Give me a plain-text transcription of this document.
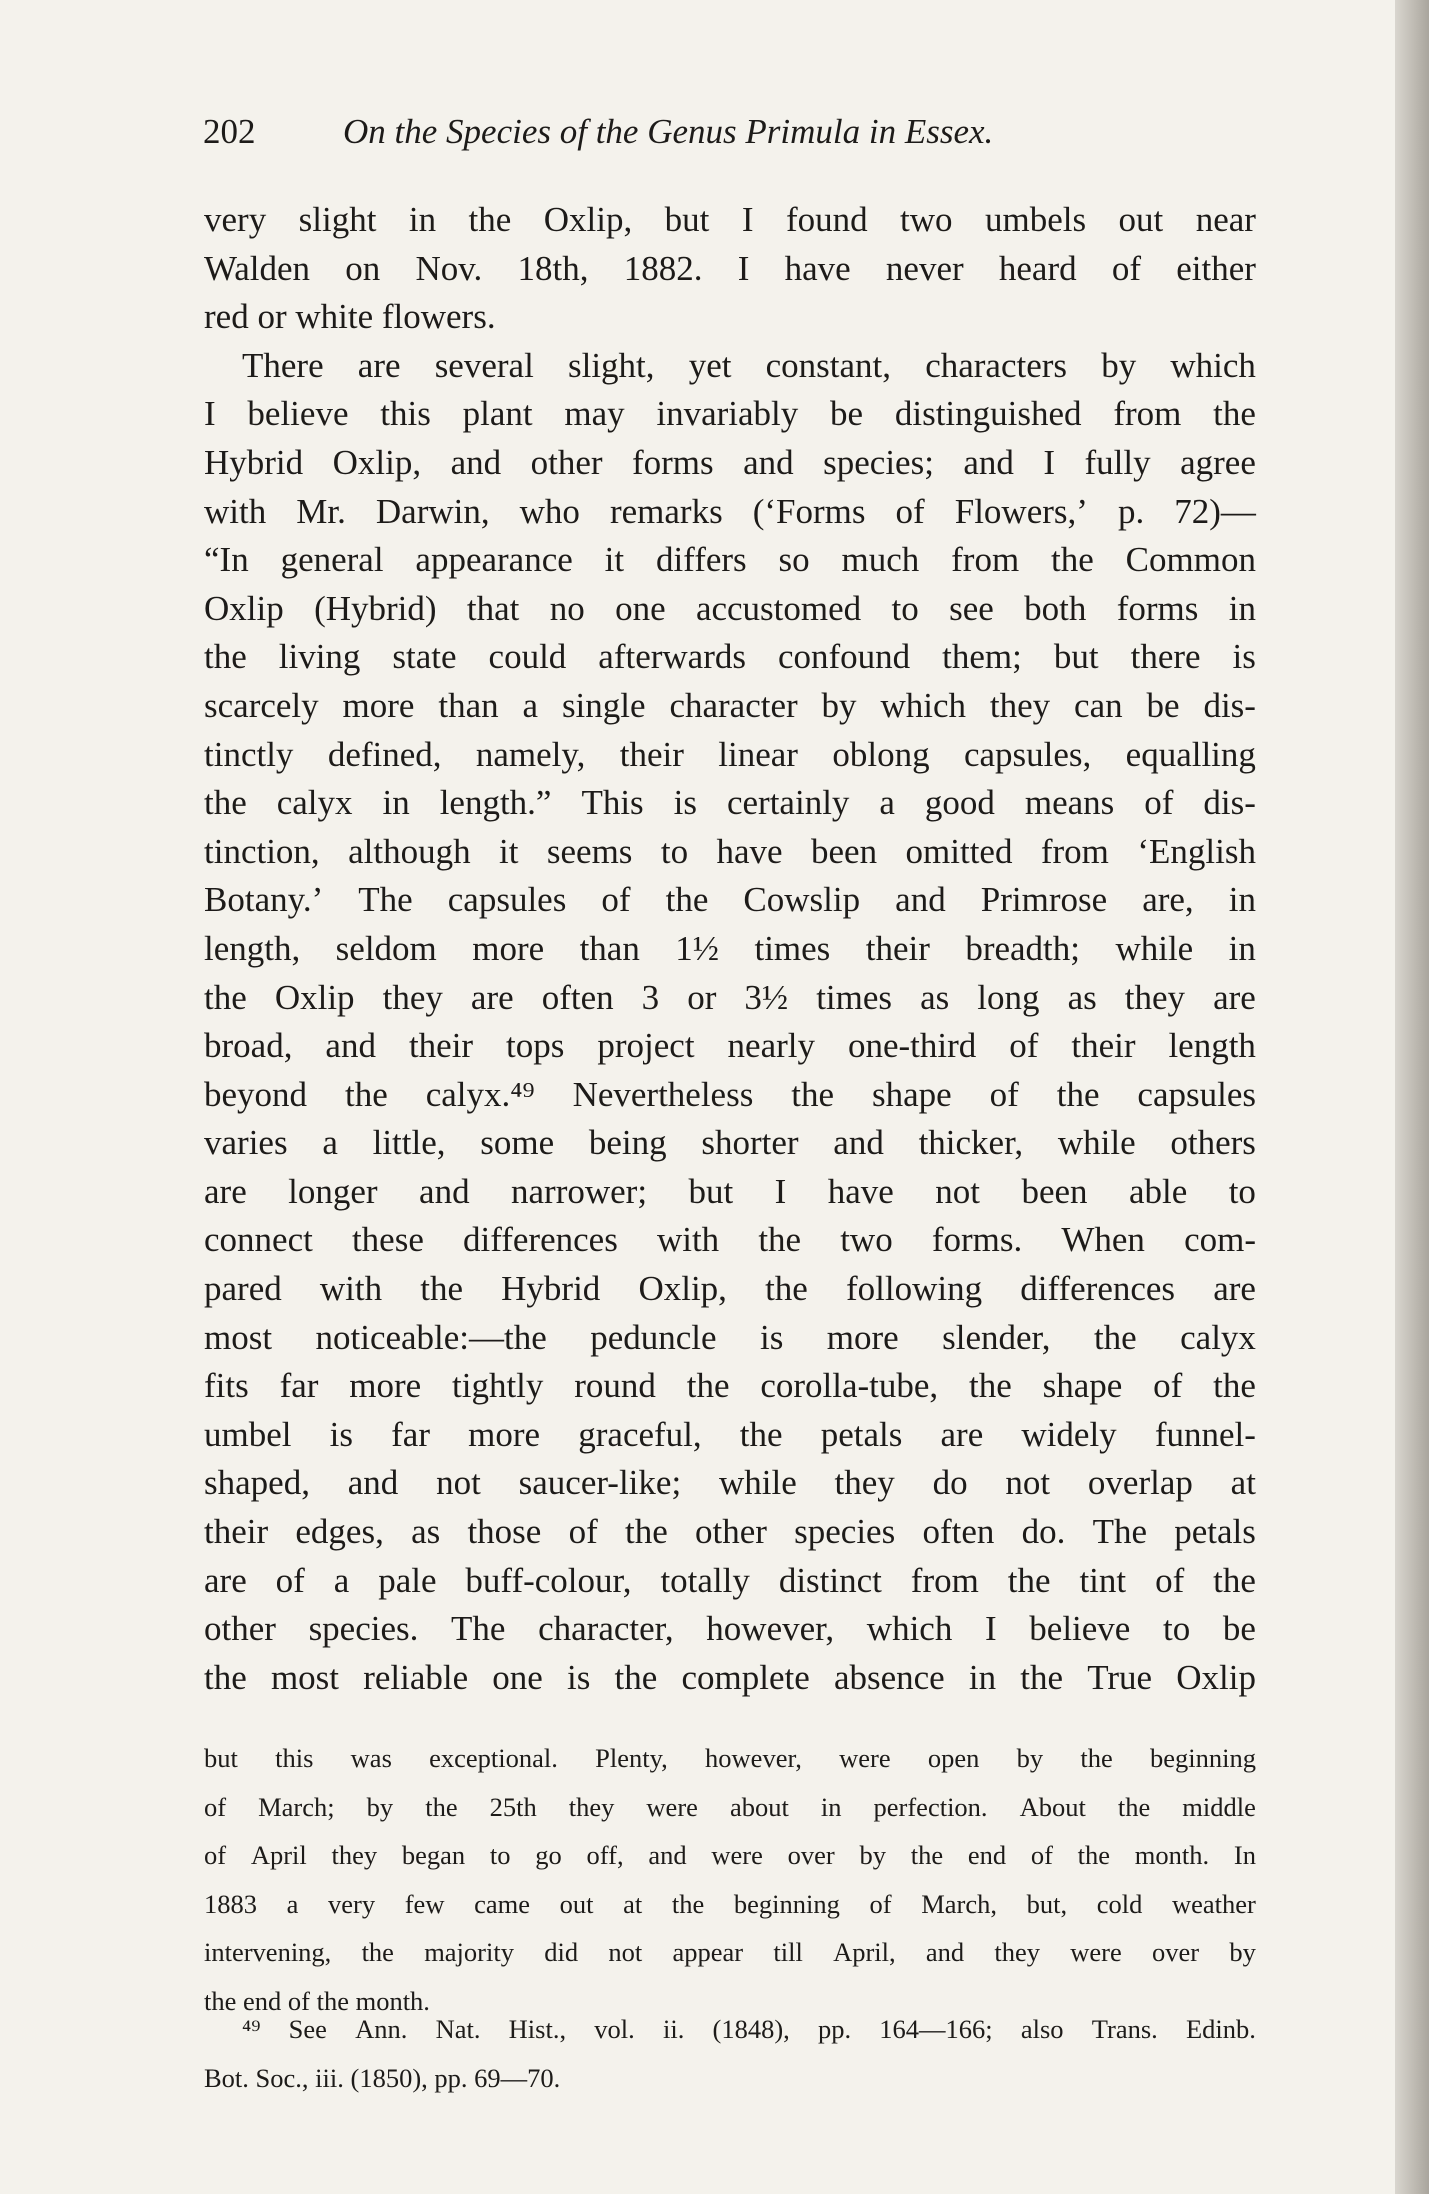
202	On the Species of the Genus Primula in Essex.
very slight in the Oxlip, but I found two umbels out near
Walden on Nov. 18th, 1882. I have never heard of either
red or white flowers.
There are several slight, yet constant, characters by which
I believe this plant may invariably be distinguished from the
Hybrid Oxlip, and other forms and species; and I fully agree
with Mr. Darwin, who remarks (‘Forms of Flowers,’ p. 72)—
“In general appearance it differs so much from the Common
Oxlip (Hybrid) that no one accustomed to see both forms in
the living state could afterwards confound them; but there is
scarcely more than a single character by which they can be dis-
tinctly defined, namely, their linear oblong capsules, equalling
the calyx in length.” This is certainly a good means of dis-
tinction, although it seems to have been omitted from ‘English
Botany.’ The capsules of the Cowslip and Primrose are, in
length, seldom more than 1½ times their breadth; while in
the Oxlip they are often 3 or 3½ times as long as they are
broad, and their tops project nearly one-third of their length
beyond the calyx.⁴⁹ Nevertheless the shape of the capsules
varies a little, some being shorter and thicker, while others
are longer and narrower; but I have not been able to
connect these differences with the two forms. When com-
pared with the Hybrid Oxlip, the following differences are
most noticeable:—the peduncle is more slender, the calyx
fits far more tightly round the corolla-tube, the shape of the
umbel is far more graceful, the petals are widely funnel-
shaped, and not saucer-like; while they do not overlap at
their edges, as those of the other species often do. The petals
are of a pale buff-colour, totally distinct from the tint of the
other species. The character, however, which I believe to be
the most reliable one is the complete absence in the True Oxlip
but this was exceptional. Plenty, however, were open by the beginning
of March; by the 25th they were about in perfection. About the middle
of April they began to go off, and were over by the end of the month. In
1883 a very few came out at the beginning of March, but, cold weather
intervening, the majority did not appear till April, and they were over by
the end of the month.
⁴⁹ See Ann. Nat. Hist., vol. ii. (1848), pp. 164—166; also Trans. Edinb.
Bot. Soc., iii. (1850), pp. 69—70.
